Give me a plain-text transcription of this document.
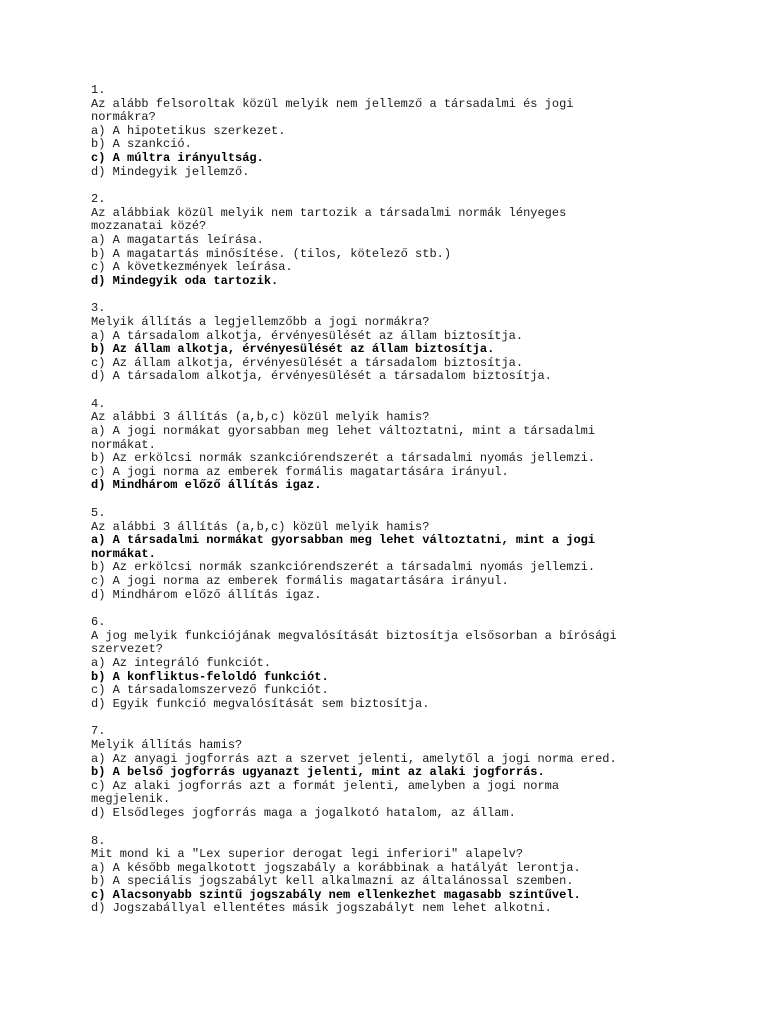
1.
Az alább felsoroltak közül melyik nem jellemző a társadalmi és jogi
normákra?
a) A hipotetikus szerkezet.
b) A szankció.
c) A múltra irányultság.
d) Mindegyik jellemző.
2.
Az alábbiak közül melyik nem tartozik a társadalmi normák lényeges
mozzanatai közé?
a) A magatartás leírása.
b) A magatartás minősítése. (tilos, kötelező stb.)
c) A következmények leírása.
d) Mindegyik oda tartozik.
3.
Melyik állítás a legjellemzőbb a jogi normákra?
a) A társadalom alkotja, érvényesülését az állam biztosítja.
b) Az állam alkotja, érvényesülését az állam biztosítja.
c) Az állam alkotja, érvényesülését a társadalom biztosítja.
d) A társadalom alkotja, érvényesülését a társadalom biztosítja.
4.
Az alábbi 3 állítás (a,b,c) közül melyik hamis?
a) A jogi normákat gyorsabban meg lehet változtatni, mint a társadalmi
normákat.
b) Az erkölcsi normák szankciórendszerét a társadalmi nyomás jellemzi.
c) A jogi norma az emberek formális magatartására irányul.
d) Mindhárom előző állítás igaz.
5.
Az alábbi 3 állítás (a,b,c) közül melyik hamis?
a) A társadalmi normákat gyorsabban meg lehet változtatni, mint a jogi
normákat.
b) Az erkölcsi normák szankciórendszerét a társadalmi nyomás jellemzi.
c) A jogi norma az emberek formális magatartására irányul.
d) Mindhárom előző állítás igaz.
6.
A jog melyik funkciójának megvalósítását biztosítja elsősorban a bírósági
szervezet?
a) Az integráló funkciót.
b) A konfliktus-feloldó funkciót.
c) A társadalomszervező funkciót.
d) Egyik funkció megvalósítását sem biztosítja.
7.
Melyik állítás hamis?
a) Az anyagi jogforrás azt a szervet jelenti, amelytől a jogi norma ered.
b) A belső jogforrás ugyanazt jelenti, mint az alaki jogforrás.
c) Az alaki jogforrás azt a formát jelenti, amelyben a jogi norma
megjelenik.
d) Elsődleges jogforrás maga a jogalkotó hatalom, az állam.
8.
Mit mond ki a "Lex superior derogat legi inferiori" alapelv?
a) A később megalkotott jogszabály a korábbinak a hatályát lerontja.
b) A speciális jogszabályt kell alkalmazni az általánossal szemben.
c) Alacsonyabb szintű jogszabály nem ellenkezhet magasabb szintűvel.
d) Jogszabállyal ellentétes másik jogszabályt nem lehet alkotni.
